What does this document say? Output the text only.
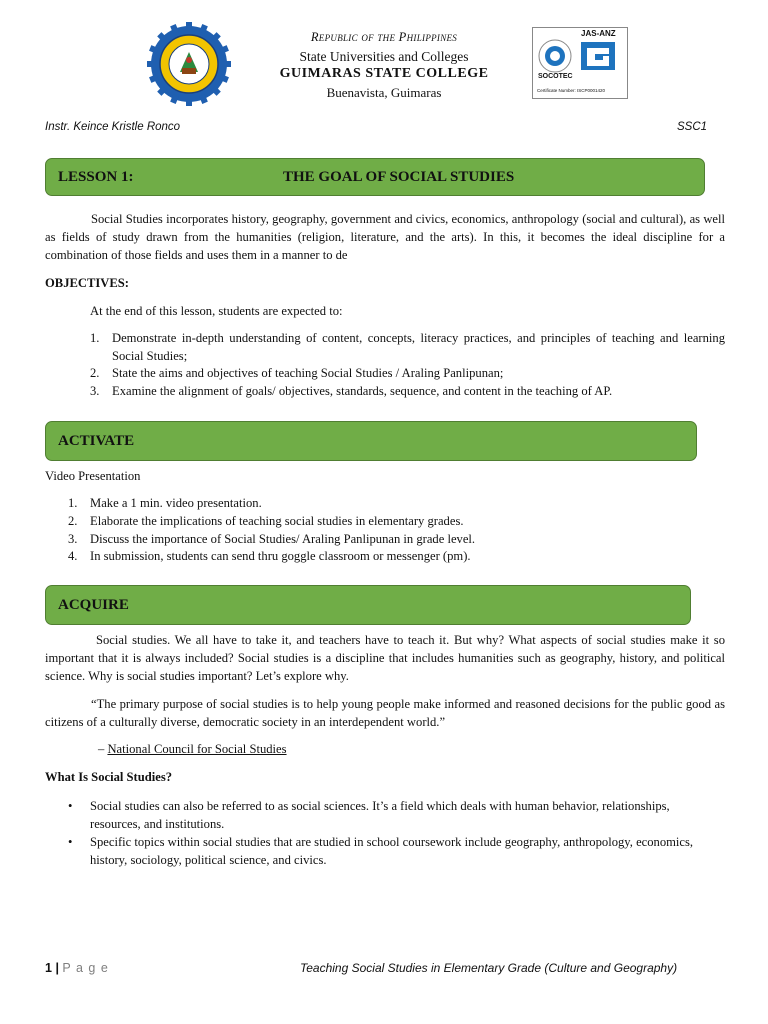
Republic of the Philippines
State Universities and Colleges
GUIMARAS STATE COLLEGE
Buenavista, Guimaras
JAS-ANZ
SOCOTEC
Certificate Number: ISCP0001420
Instr. Keince Kristle Ronco	SSC1
LESSON 1:	THE GOAL OF SOCIAL STUDIES

Social Studies incorporates history, geography, government and civics, economics, anthropology (social and cultural), as well as fields of study drawn from the humanities (religion, literature, and the arts). In this, it becomes the ideal discipline for a combination of those fields and uses them in a manner to de

OBJECTIVES:

At the end of this lesson, students are expected to:

1. Demonstrate in-depth understanding of content, concepts, literacy practices, and principles of teaching and learning Social Studies;
2. State the aims and objectives of teaching Social Studies / Araling Panlipunan;
3. Examine the alignment of goals/ objectives, standards, sequence, and content in the teaching of AP.
ACTIVATE

Video Presentation

1. Make a 1 min. video presentation.
2. Elaborate the implications of teaching social studies in elementary grades.
3. Discuss the importance of Social Studies/ Araling Panlipunan in grade level.
4. In submission, students can send thru goggle classroom or messenger (pm).
ACQUIRE

Social studies. We all have to take it, and teachers have to teach it. But why? What aspects of social studies make it so important that it is always included? Social studies is a discipline that includes humanities such as geography, history, and political science. Why is social studies important? Let’s explore why.

“The primary purpose of social studies is to help young people make informed and reasoned decisions for the public good as citizens of a culturally diverse, democratic society in an interdependent world.”

– National Council for Social Studies

What Is Social Studies?

•	Social studies can also be referred to as social sciences. It’s a field which deals with human behavior, relationships, resources, and institutions.
•	Specific topics within social studies that are studied in school coursework include geography, anthropology, economics, history, sociology, political science, and civics.
1 | P a g e	Teaching Social Studies in Elementary Grade (Culture and Geography)
